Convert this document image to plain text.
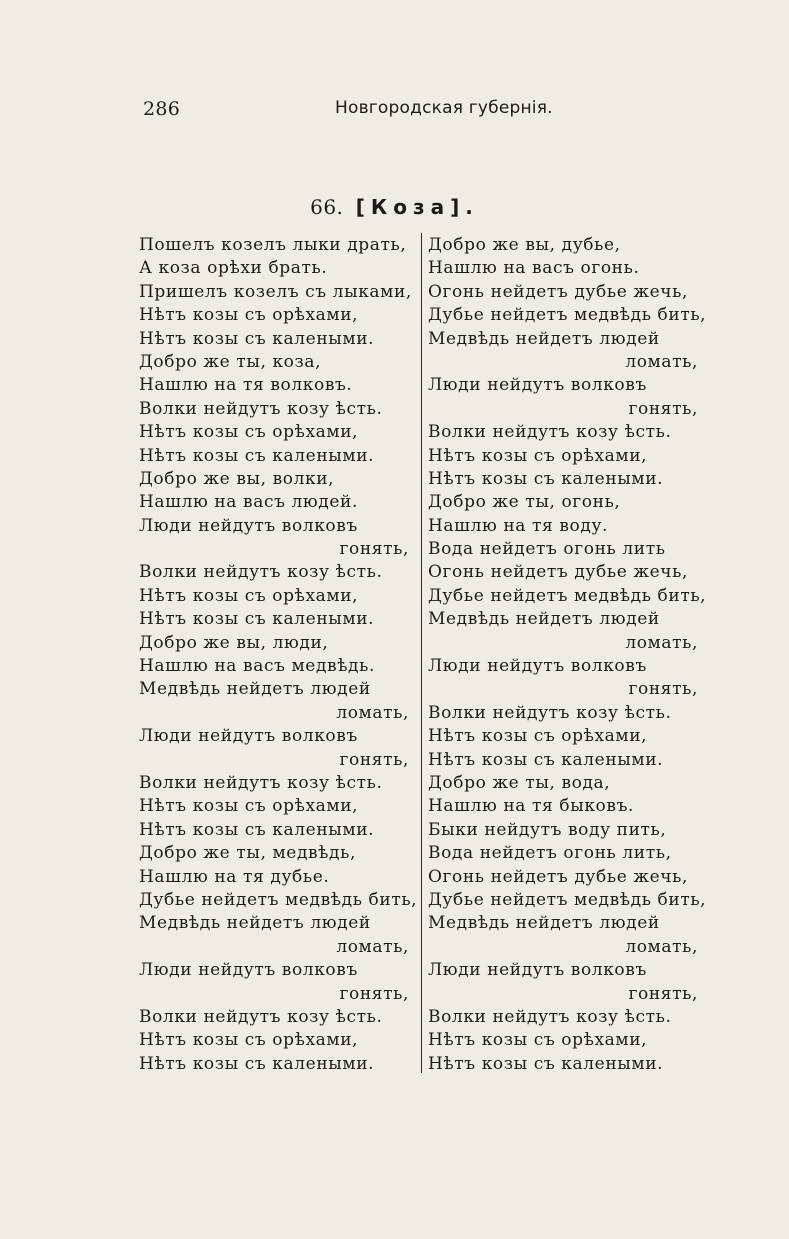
286	Новгородская губернія.
66. [Коза].
Пошелъ козелъ лыки драть,
А коза орѣхи брать.
Пришелъ козелъ съ лыками,
Нѣтъ козы съ орѣхами,
Нѣтъ козы съ калеными.
Добро же ты, коза,
Нашлю на тя волковъ.
Волки нейдутъ козу ѣсть.
Нѣтъ козы съ орѣхами,
Нѣтъ козы съ калеными.
Добро же вы, волки,
Нашлю на васъ людей.
Люди нейдутъ волковъ
гонять,
Волки нейдутъ козу ѣсть.
Нѣтъ козы съ орѣхами,
Нѣтъ козы съ калеными.
Добро же вы, люди,
Нашлю на васъ медвѣдь.
Медвѣдь нейдетъ людей
ломать,
Люди нейдутъ волковъ
гонять,
Волки нейдутъ козу ѣсть.
Нѣтъ козы съ орѣхами,
Нѣтъ козы съ калеными.
Добро же ты, медвѣдь,
Нашлю на тя дубье.
Дубье нейдетъ медвѣдь бить,
Медвѣдь нейдетъ людей
ломать,
Люди нейдутъ волковъ
гонять,
Волки нейдутъ козу ѣсть.
Нѣтъ козы съ орѣхами,
Нѣтъ козы съ калеными.
Добро же вы, дубье,
Нашлю на васъ огонь.
Огонь нейдетъ дубье жечь,
Дубье нейдетъ медвѣдь бить,
Медвѣдь нейдетъ людей
ломать,
Люди нейдутъ волковъ
гонять,
Волки нейдутъ козу ѣсть.
Нѣтъ козы съ орѣхами,
Нѣтъ козы съ калеными.
Добро же ты, огонь,
Нашлю на тя воду.
Вода нейдетъ огонь лить
Огонь нейдетъ дубье жечь,
Дубье нейдетъ медвѣдь бить,
Медвѣдь нейдетъ людей
ломать,
Люди нейдутъ волковъ
гонять,
Волки нейдутъ козу ѣсть.
Нѣтъ козы съ орѣхами,
Нѣтъ козы съ калеными.
Добро же ты, вода,
Нашлю на тя быковъ.
Быки нейдутъ воду пить,
Вода нейдетъ огонь лить,
Огонь нейдетъ дубье жечь,
Дубье нейдетъ медвѣдь бить,
Медвѣдь нейдетъ людей
ломать,
Люди нейдутъ волковъ
гонять,
Волки нейдутъ козу ѣсть.
Нѣтъ козы съ орѣхами,
Нѣтъ козы съ калеными.
